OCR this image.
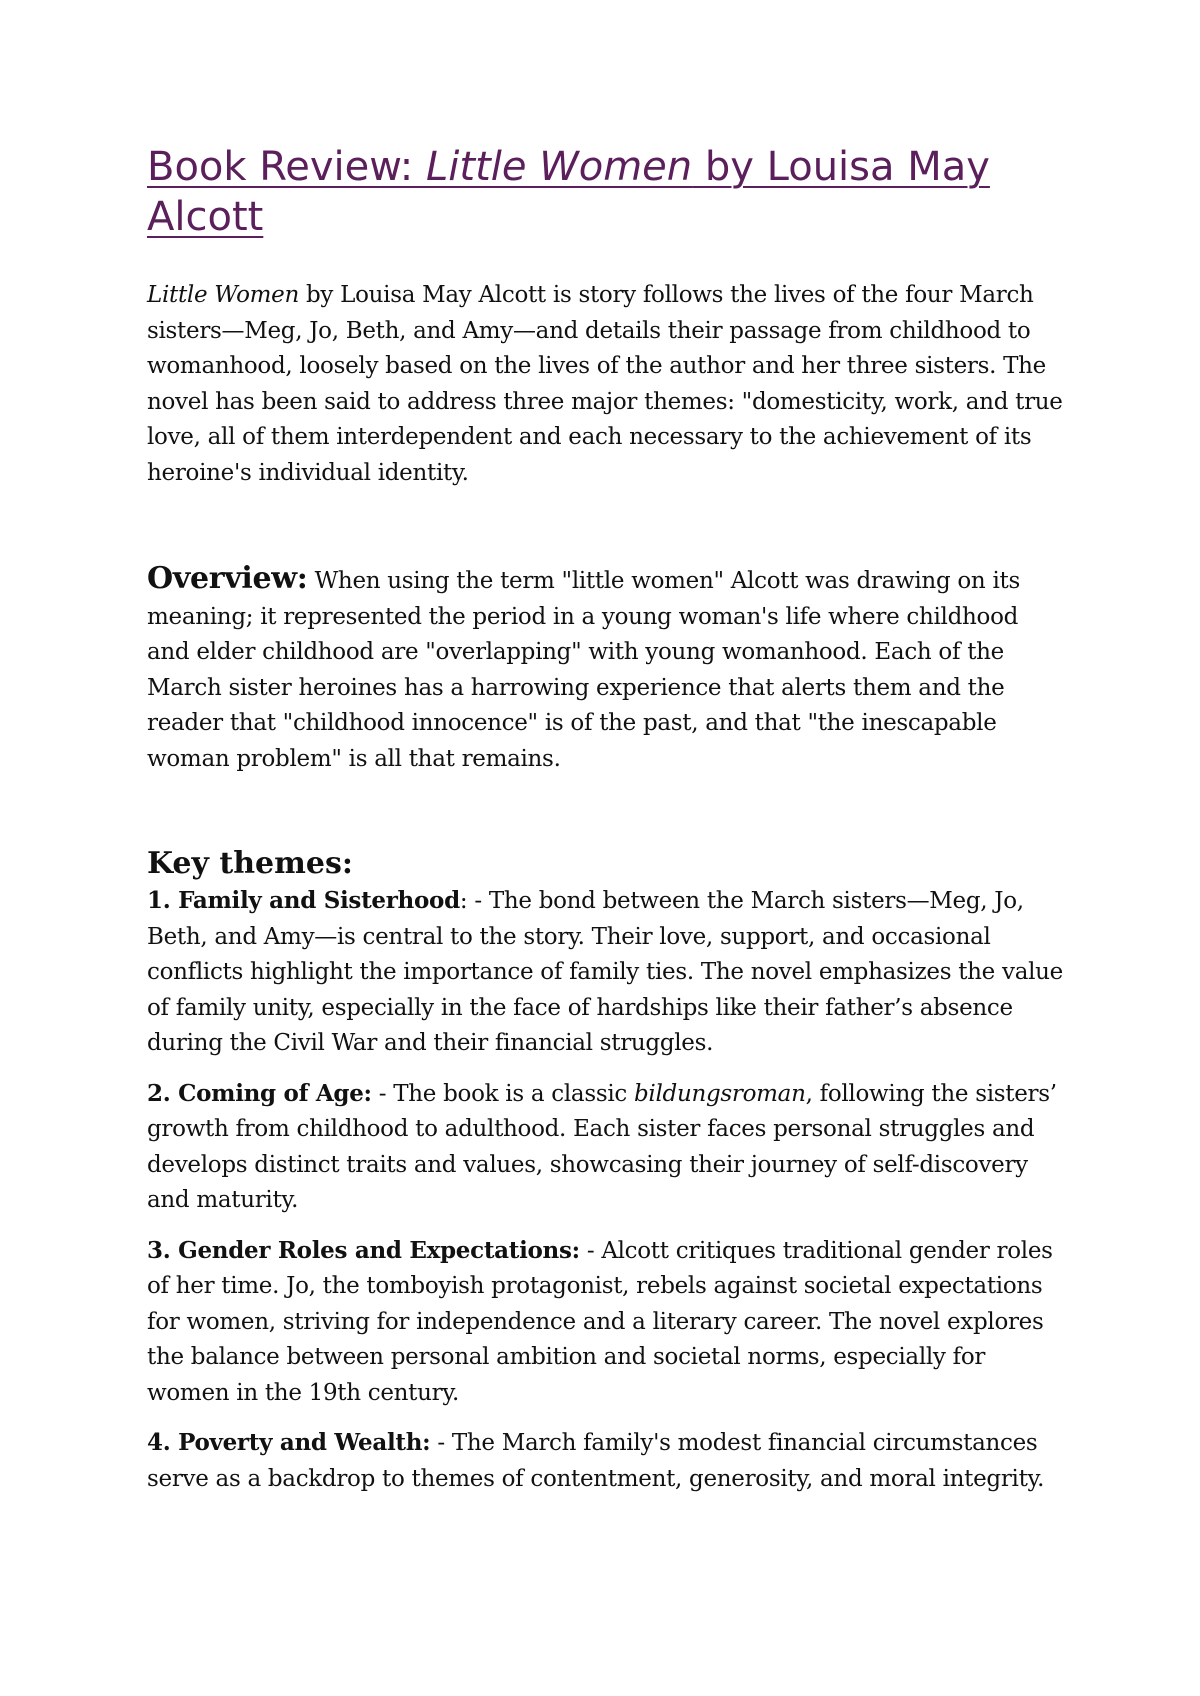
Book Review: Little Women by Louisa May Alcott

Little Women by Louisa May Alcott is story follows the lives of the four March sisters—Meg, Jo, Beth, and Amy—and details their passage from childhood to womanhood, loosely based on the lives of the author and her three sisters. The novel has been said to address three major themes: "domesticity, work, and true love, all of them interdependent and each necessary to the achievement of its heroine's individual identity.

Overview: When using the term "little women" Alcott was drawing on its meaning; it represented the period in a young woman's life where childhood and elder childhood are "overlapping" with young womanhood. Each of the March sister heroines has a harrowing experience that alerts them and the reader that "childhood innocence" is of the past, and that "the inescapable woman problem" is all that remains.

Key themes:

1. Family and Sisterhood: - The bond between the March sisters—Meg, Jo, Beth, and Amy—is central to the story. Their love, support, and occasional conflicts highlight the importance of family ties. The novel emphasizes the value of family unity, especially in the face of hardships like their father’s absence during the Civil War and their financial struggles.

2. Coming of Age: - The book is a classic bildungsroman, following the sisters’ growth from childhood to adulthood. Each sister faces personal struggles and develops distinct traits and values, showcasing their journey of self-discovery and maturity.

3. Gender Roles and Expectations: - Alcott critiques traditional gender roles of her time. Jo, the tomboyish protagonist, rebels against societal expectations for women, striving for independence and a literary career. The novel explores the balance between personal ambition and societal norms, especially for women in the 19th century.

4. Poverty and Wealth: - The March family's modest financial circumstances serve as a backdrop to themes of contentment, generosity, and moral integrity.
